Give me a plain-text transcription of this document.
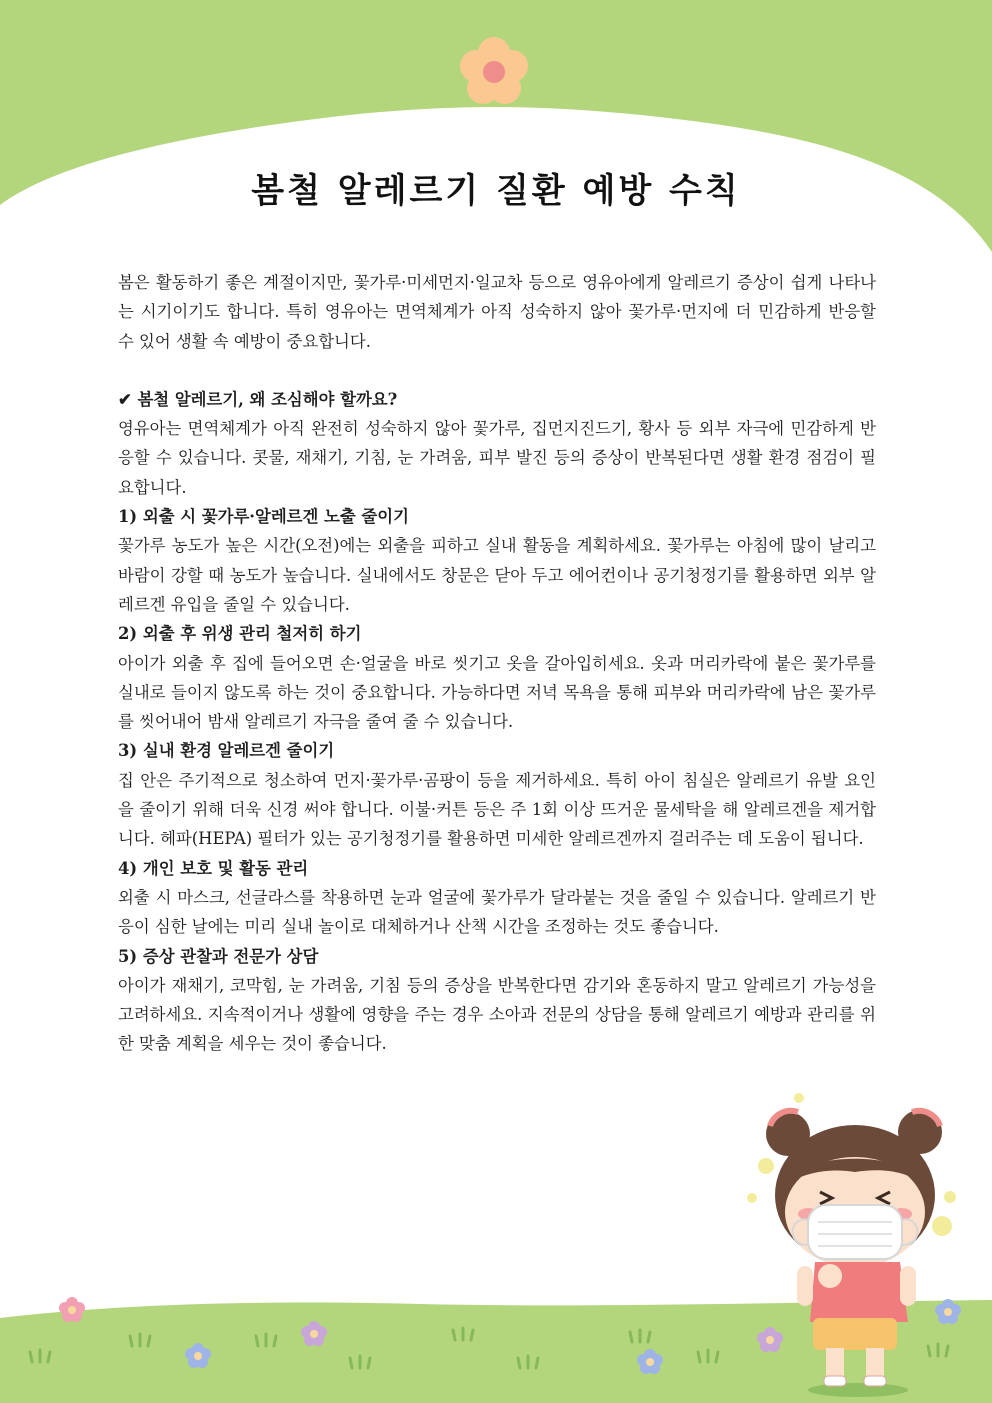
봄철 알레르기 질환 예방 수칙

봄은 활동하기 좋은 계절이지만, 꽃가루·미세먼지·일교차 등으로 영유아에게 알레르기 증상이 쉽게 나타나는 시기이기도 합니다. 특히 영유아는 면역체계가 아직 성숙하지 않아 꽃가루·먼지에 더 민감하게 반응할 수 있어 생활 속 예방이 중요합니다.

✔ 봄철 알레르기, 왜 조심해야 할까요?

영유아는 면역체계가 아직 완전히 성숙하지 않아 꽃가루, 집먼지진드기, 황사 등 외부 자극에 민감하게 반응할 수 있습니다. 콧물, 재채기, 기침, 눈 가려움, 피부 발진 등의 증상이 반복된다면 생활 환경 점검이 필요합니다.

1) 외출 시 꽃가루·알레르겐 노출 줄이기

꽃가루 농도가 높은 시간(오전)에는 외출을 피하고 실내 활동을 계획하세요. 꽃가루는 아침에 많이 날리고 바람이 강할 때 농도가 높습니다. 실내에서도 창문은 닫아 두고 에어컨이나 공기청정기를 활용하면 외부 알레르겐 유입을 줄일 수 있습니다.

2) 외출 후 위생 관리 철저히 하기

아이가 외출 후 집에 들어오면 손·얼굴을 바로 씻기고 옷을 갈아입히세요. 옷과 머리카락에 붙은 꽃가루를 실내로 들이지 않도록 하는 것이 중요합니다. 가능하다면 저녁 목욕을 통해 피부와 머리카락에 남은 꽃가루를 씻어내어 밤새 알레르기 자극을 줄여 줄 수 있습니다.

3) 실내 환경 알레르겐 줄이기

집 안은 주기적으로 청소하여 먼지·꽃가루·곰팡이 등을 제거하세요. 특히 아이 침실은 알레르기 유발 요인을 줄이기 위해 더욱 신경 써야 합니다. 이불·커튼 등은 주 1회 이상 뜨거운 물세탁을 해 알레르겐을 제거합니다. 헤파(HEPA) 필터가 있는 공기청정기를 활용하면 미세한 알레르겐까지 걸러주는 데 도움이 됩니다.

4) 개인 보호 및 활동 관리

외출 시 마스크, 선글라스를 착용하면 눈과 얼굴에 꽃가루가 달라붙는 것을 줄일 수 있습니다. 알레르기 반응이 심한 날에는 미리 실내 놀이로 대체하거나 산책 시간을 조정하는 것도 좋습니다.

5) 증상 관찰과 전문가 상담

아이가 재채기, 코막힘, 눈 가려움, 기침 등의 증상을 반복한다면 감기와 혼동하지 말고 알레르기 가능성을 고려하세요. 지속적이거나 생활에 영향을 주는 경우 소아과 전문의 상담을 통해 알레르기 예방과 관리를 위한 맞춤 계획을 세우는 것이 좋습니다.
